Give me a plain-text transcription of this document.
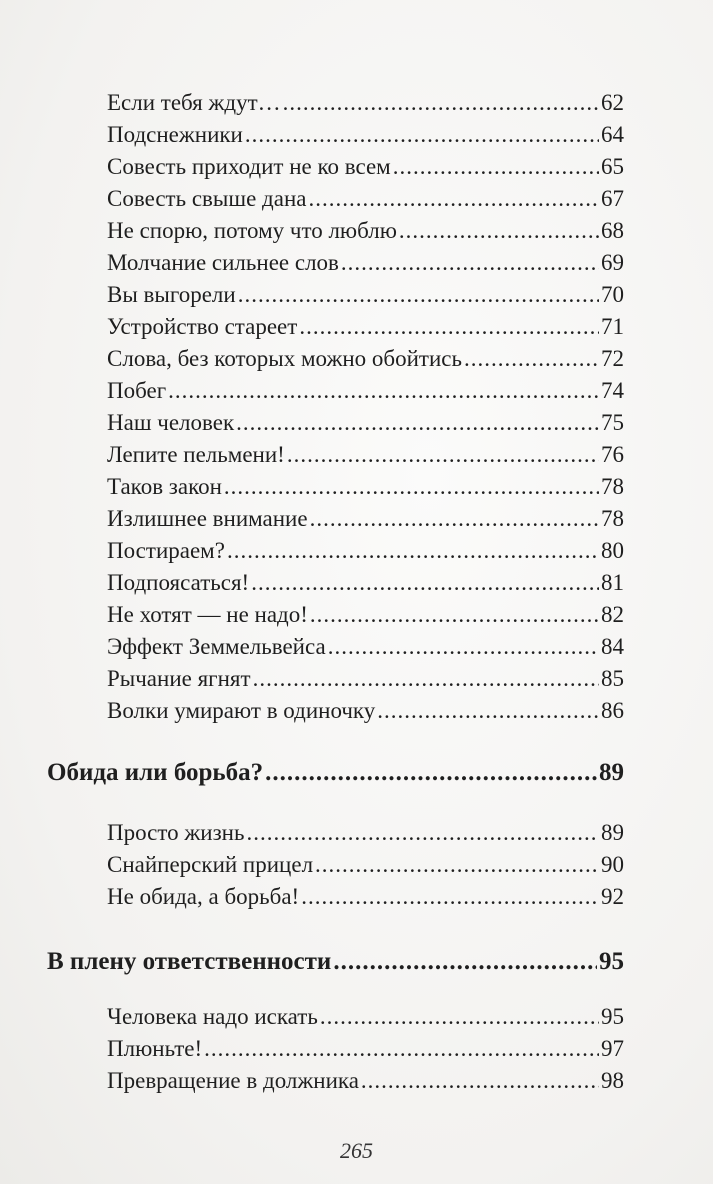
Если тебя ждут… .....	62
Подснежники .....	64
Совесть приходит не ко всем .....	65
Совесть свыше дана .....	67
Не спорю, потому что люблю .....	68
Молчание сильнее слов .....	69
Вы выгорели .....	70
Устройство стареет .....	71
Слова, без которых можно обойтись .....	72
Побег .....	74
Наш человек .....	75
Лепите пельмени! .....	76
Таков закон .....	78
Излишнее внимание .....	78
Постираем? .....	80
Подпоясаться! .....	81
Не хотят — не надо! .....	82
Эффект Земмельвейса .....	84
Рычание ягнят .....	85
Волки умирают в одиночку .....	86
Обида или борьба? .....	89
Просто жизнь .....	89
Снайперский прицел .....	90
Не обида, а борьба! .....	92
В плену ответственности .....	95
Человека надо искать .....	95
Плюньте! .....	97
Превращение в должника .....	98
265
